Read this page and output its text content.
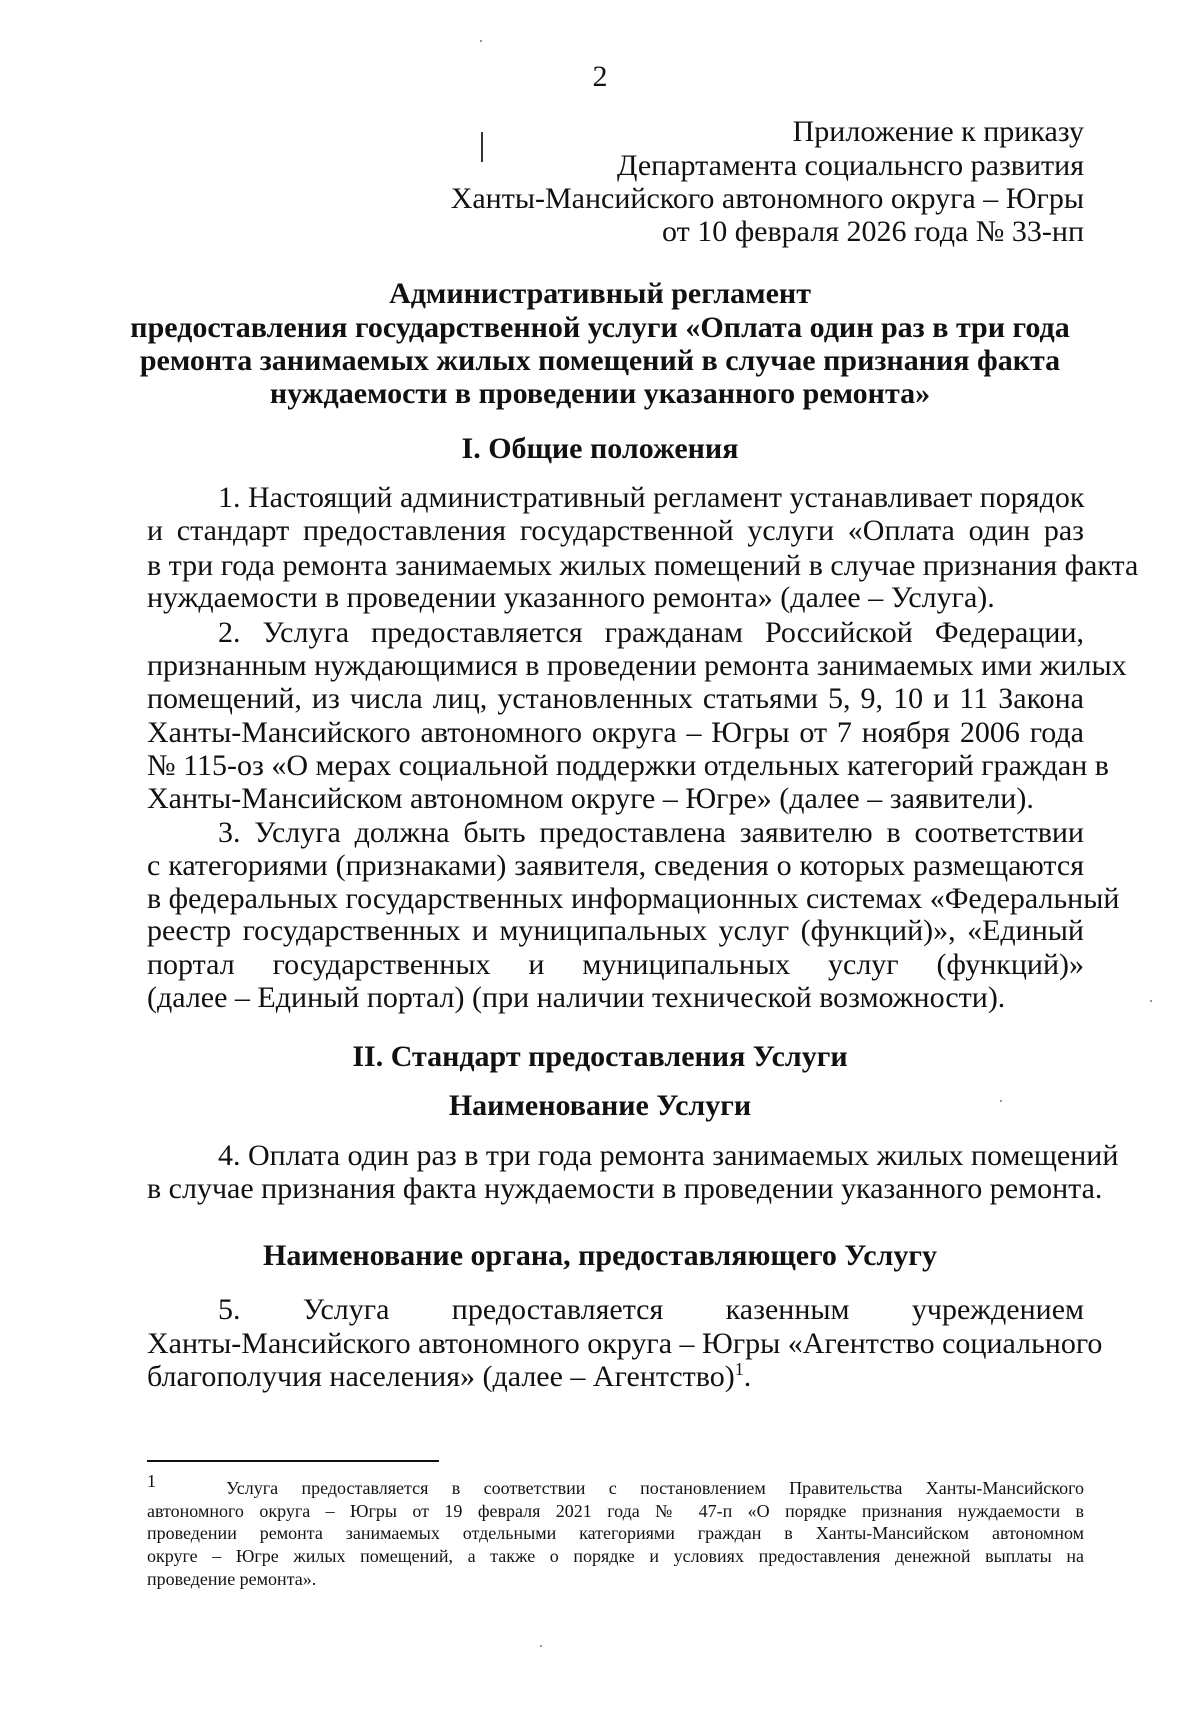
2
Приложение к приказу
Департамента социальнсго развития
Ханты-Мансийского автономного округа – Югры
от 10 февраля 2026 года № 33-нп
Административный регламент
предоставления государственной услуги «Оплата один раз в три года
ремонта занимаемых жилых помещений в случае признания факта
нуждаемости в проведении указанного ремонта»
I. Общие положения
1. Настоящий административный регламент устанавливает порядок
и стандарт предоставления государственной услуги «Оплата один раз
в три года ремонта занимаемых жилых помещений в случае признания факта
нуждаемости в проведении указанного ремонта» (далее – Услуга).
2. Услуга предоставляется гражданам Российской Федерации,
признанным нуждающимися в проведении ремонта занимаемых ими жилых
помещений, из числа лиц, установленных статьями 5, 9, 10 и 11 Закона
Ханты-Мансийского автономного округа – Югры от 7 ноября 2006 года
№ 115-оз «О мерах социальной поддержки отдельных категорий граждан в
Ханты-Мансийском автономном округе – Югре» (далее – заявители).
3. Услуга должна быть предоставлена заявителю в соответствии
с категориями (признаками) заявителя, сведения о которых размещаются
в федеральных государственных информационных системах «Федеральный
реестр государственных и муниципальных услуг (функций)», «Единый
портал государственных и муниципальных услуг (функций)»
(далее – Единый портал) (при наличии технической возможности).
II. Стандарт предоставления Услуги
Наименование Услуги
4. Оплата один раз в три года ремонта занимаемых жилых помещений
в случае признания факта нуждаемости в проведении указанного ремонта.
Наименование органа, предоставляющего Услугу
5. Услуга предоставляется казенным учреждением
Ханты-Мансийского автономного округа – Югры «Агентство социального
благополучия населения» (далее – Агентство)$^1$.
$^1$	Услуга предоставляется в соответствии с постановлением Правительства Ханты-Мансийского
автономного округа – Югры от 19 февраля 2021 года № 47-п «О порядке признания нуждаемости в
проведении ремонта занимаемых отдельными категориями граждан в Ханты-Мансийском автономном
округе – Югре жилых помещений, а также о порядке и условиях предоставления денежной выплаты на
проведение ремонта».
